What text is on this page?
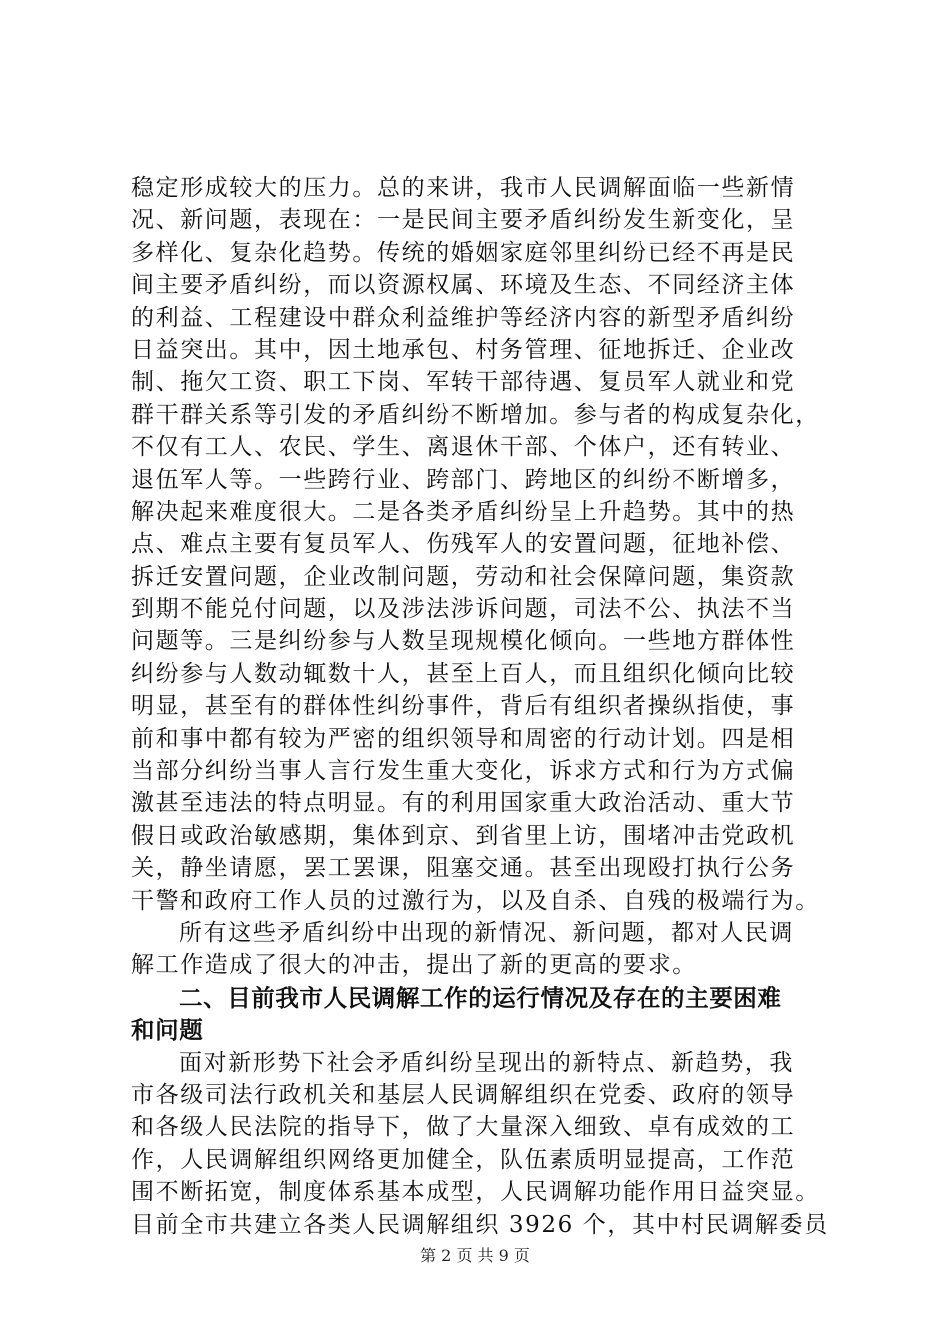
稳定形成较大的压力。总的来讲，我市人民调解面临一些新情
况、新问题，表现在：一是民间主要矛盾纠纷发生新变化，呈
多样化、复杂化趋势。传统的婚姻家庭邻里纠纷已经不再是民
间主要矛盾纠纷，而以资源权属、环境及生态、不同经济主体
的利益、工程建设中群众利益维护等经济内容的新型矛盾纠纷
日益突出。其中，因土地承包、村务管理、征地拆迁、企业改
制、拖欠工资、职工下岗、军转干部待遇、复员军人就业和党
群干群关系等引发的矛盾纠纷不断增加。参与者的构成复杂化，
不仅有工人、农民、学生、离退休干部、个体户，还有转业、
退伍军人等。一些跨行业、跨部门、跨地区的纠纷不断增多，
解决起来难度很大。二是各类矛盾纠纷呈上升趋势。其中的热
点、难点主要有复员军人、伤残军人的安置问题，征地补偿、
拆迁安置问题，企业改制问题，劳动和社会保障问题，集资款
到期不能兑付问题，以及涉法涉诉问题，司法不公、执法不当
问题等。三是纠纷参与人数呈现规模化倾向。一些地方群体性
纠纷参与人数动辄数十人，甚至上百人，而且组织化倾向比较
明显，甚至有的群体性纠纷事件，背后有组织者操纵指使，事
前和事中都有较为严密的组织领导和周密的行动计划。四是相
当部分纠纷当事人言行发生重大变化，诉求方式和行为方式偏
激甚至违法的特点明显。有的利用国家重大政治活动、重大节
假日或政治敏感期，集体到京、到省里上访，围堵冲击党政机
关，静坐请愿，罢工罢课，阻塞交通。甚至出现殴打执行公务
干警和政府工作人员的过激行为，以及自杀、自残的极端行为。
所有这些矛盾纠纷中出现的新情况、新问题，都对人民调
解工作造成了很大的冲击，提出了新的更高的要求。
二、目前我市人民调解工作的运行情况及存在的主要困难
和问题
面对新形势下社会矛盾纠纷呈现出的新特点、新趋势，我
市各级司法行政机关和基层人民调解组织在党委、政府的领导
和各级人民法院的指导下，做了大量深入细致、卓有成效的工
作，人民调解组织网络更加健全，队伍素质明显提高，工作范
围不断拓宽，制度体系基本成型，人民调解功能作用日益突显。
目前全市共建立各类人民调解组织 3926 个，其中村民调解委员
第 2 页 共 9 页
